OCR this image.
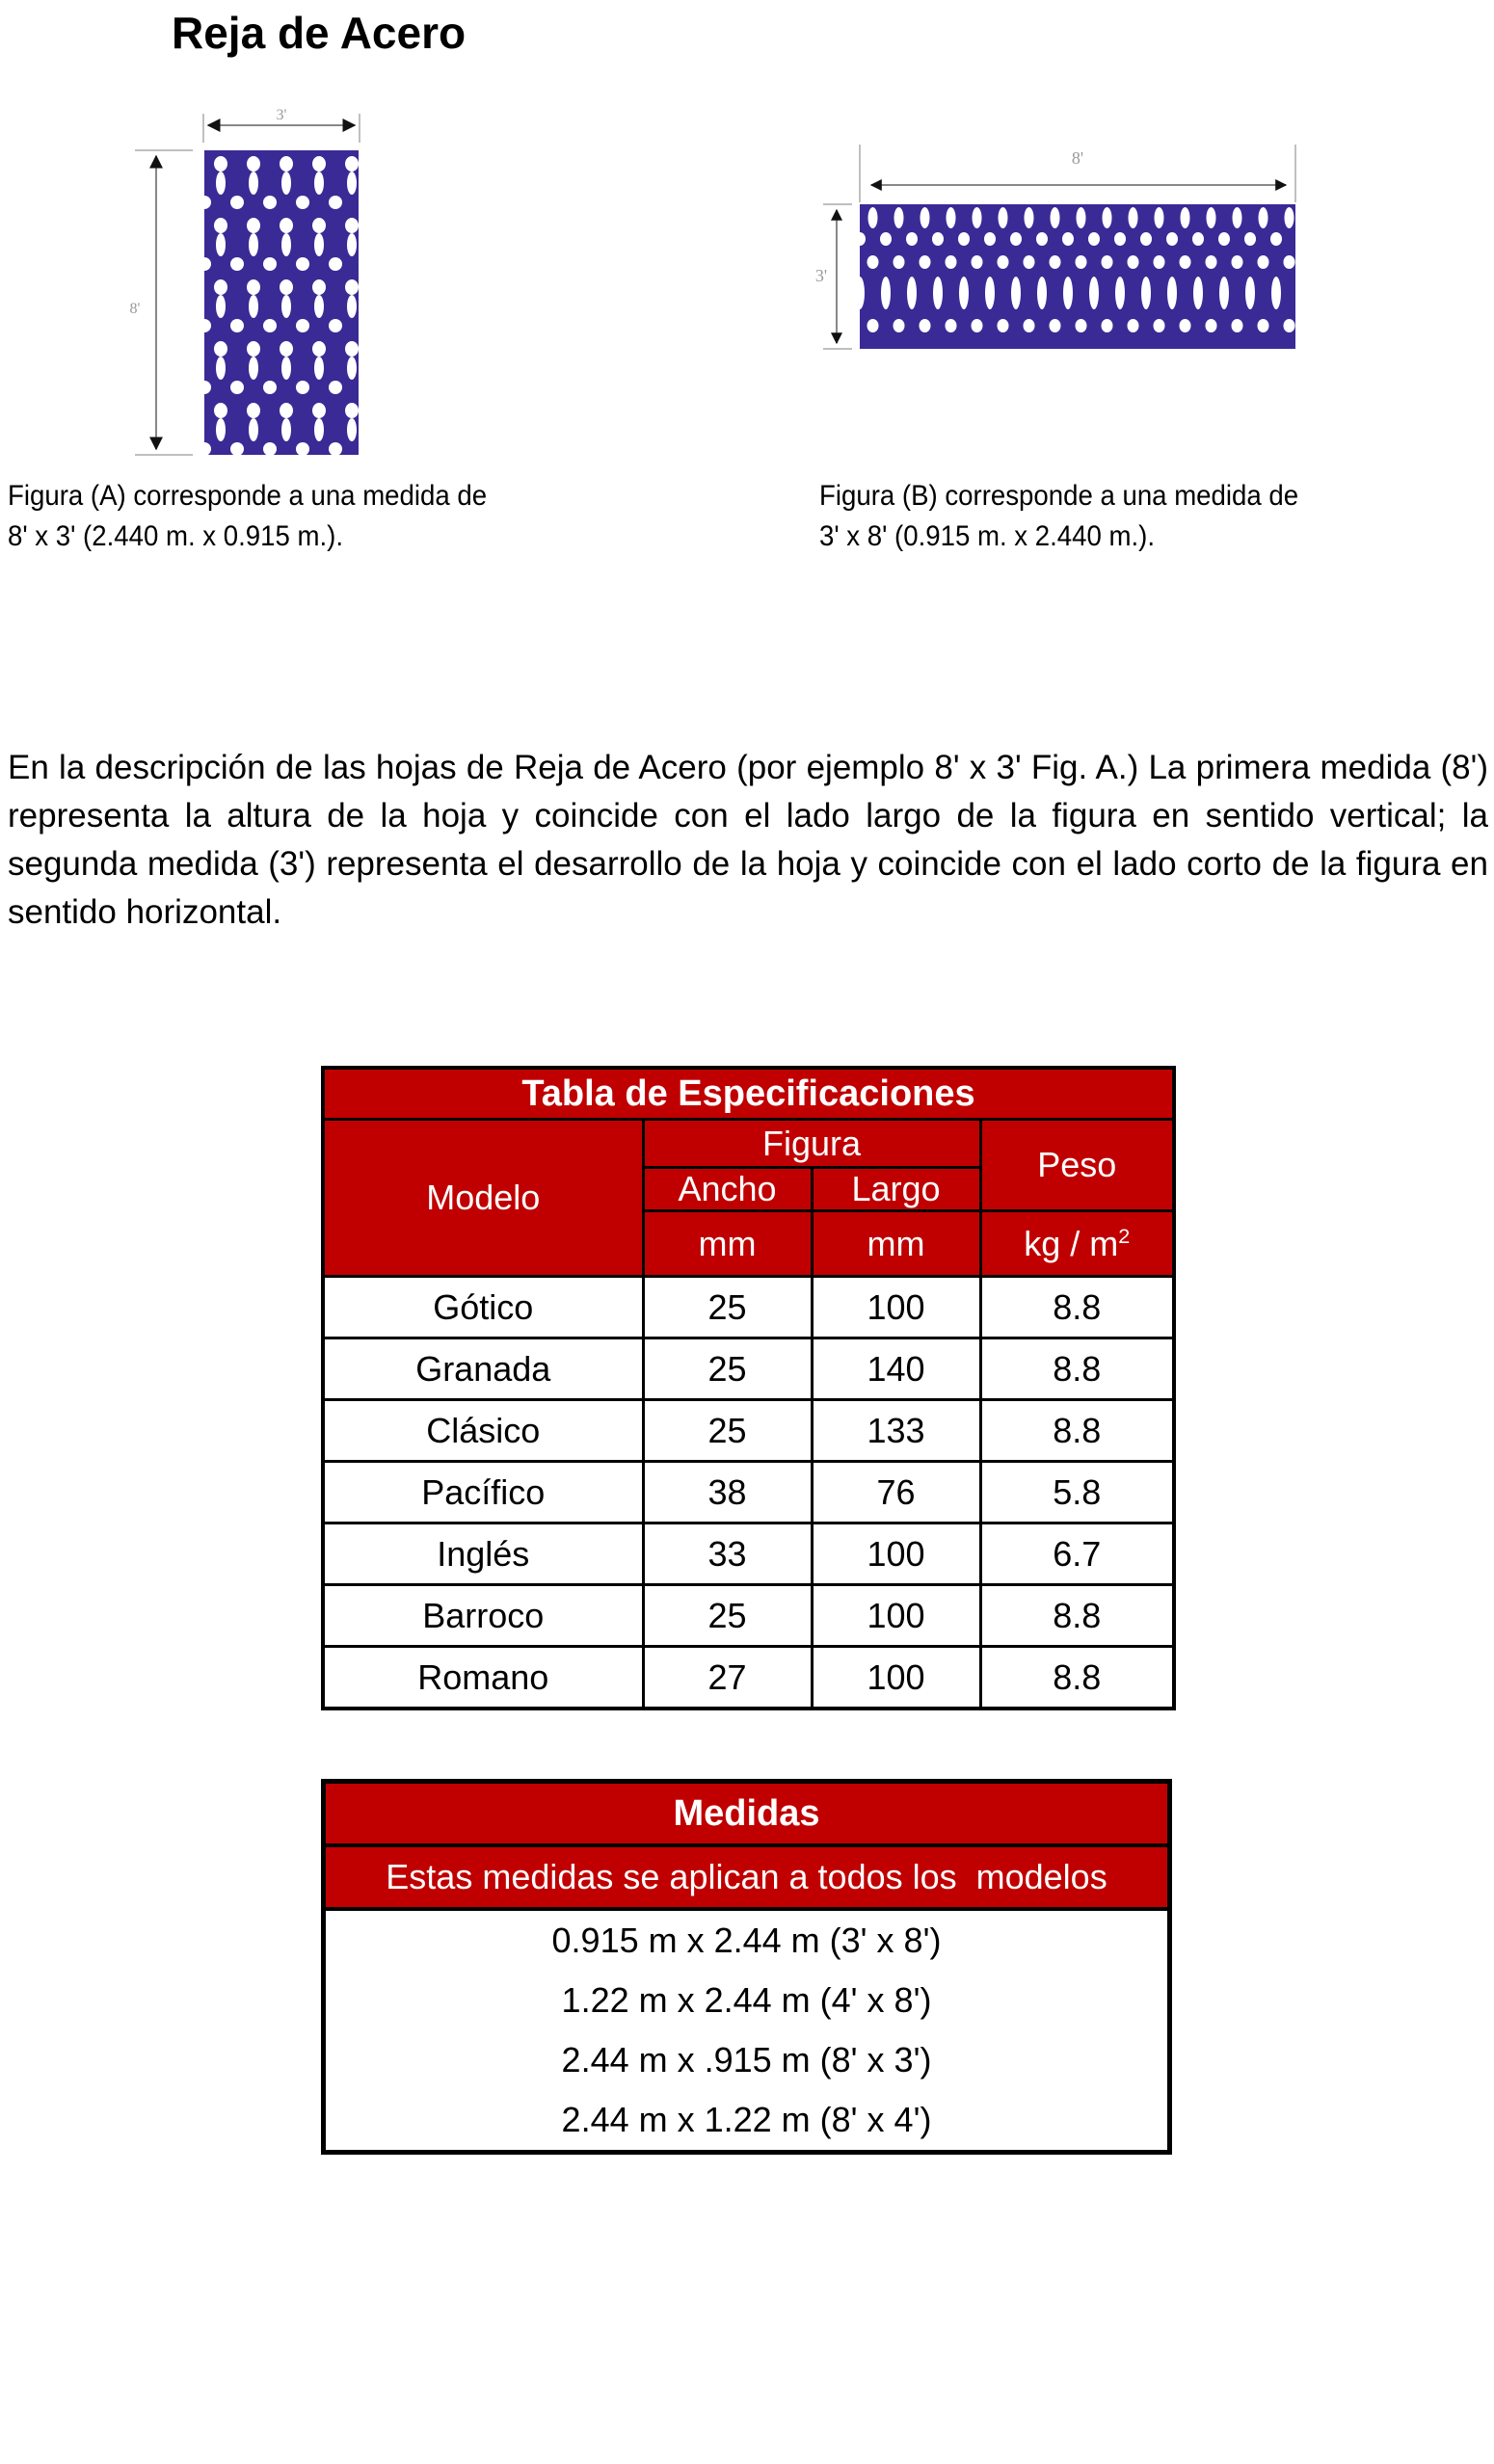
Reja de Acero
3'
8'
8'
3'
Figura (A) corresponde a una medida de
8' x 3' (2.440 m. x 0.915 m.).
Figura (B) corresponde a una medida de
3' x 8' (0.915 m. x 2.440 m.).
En la descripción de las hojas de Reja de Acero (por ejemplo 8' x 3' Fig. A.) La primera medida (8') representa la altura de la hoja y coincide con el lado largo de la figura en sentido vertical; la segunda medida (3') representa el desarrollo de la hoja y coincide con el lado corto de la figura en sentido horizontal.
Tabla de Especificaciones			
Modelo	Figura		Peso
	Ancho	Largo	
	mm	mm	kg / $m^2$
Gótico	25	100	8.8
Granada	25	140	8.8
Clásico	25	133	8.8
Pacífico	38	76	5.8
Inglés	33	100	6.7
Barroco	25	100	8.8
Romano	27	100	8.8
Medidas
Estas medidas se aplican a todos los  modelos
0.915 m x 2.44 m (3' x 8')
1.22 m x 2.44 m (4' x 8')
2.44 m x .915 m (8' x 3')
2.44 m x 1.22 m (8' x 4')
